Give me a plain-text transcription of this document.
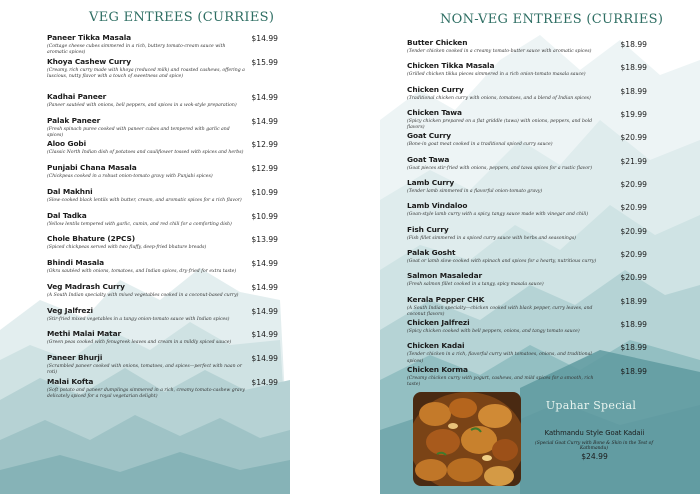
VEG ENTREES (CURRIES)
Paneer Tikka Masala	$14.99
(Cottage cheese cubes simmered in a rich, buttery tomato-cream sauce with aromatic spices)
Khoya Cashew Curry	$15.99
(Creamy, rich curry made with khoya (reduced milk) and roasted cashews, offering a luscious, nutty flavor with a touch of sweetness and spice)
Kadhai Paneer	$14.99
(Paneer sautéed with onions, bell peppers, and spices in a wok-style preparation)
Palak Paneer	$14.99
(Fresh spinach puree cooked with paneer cubes and tempered with garlic and spices)
Aloo Gobi	$12.99
(Classic North Indian dish of potatoes and cauliflower tossed with spices and herbs)
Punjabi Chana Masala	$12.99
(Chickpeas cooked in a robust onion-tomato gravy with Punjabi spices)
Dal Makhni	$10.99
(Slow-cooked black lentils with butter, cream, and aromatic spices for a rich flavor)
Dal Tadka	$10.99
(Yellow lentils tempered with garlic, cumin, and red chili for a comforting dish)
Chole Bhature (2PCS)	$13.99
(Spiced chickpeas served with two fluffy, deep-fried bhature breads)
Bhindi Masala	$14.99
(Okra sautéed with onions, tomatoes, and Indian spices, dry-fried for extra taste)
Veg Madrash Curry	$14.99
(A South Indian specialty with mixed vegetables cooked in a coconut-based curry)
Veg Jalfrezi	$14.99
(Stir-fried mixed vegetables in a tangy onion-tomato sauce with Indian spices)
Methi Malai Matar	$14.99
(Green peas cooked with fenugreek leaves and cream in a mildly spiced sauce)
Paneer Bhurji	$14.99
(Scrambled paneer cooked with onions, tomatoes, and spices—perfect with naan or roti)
Malai Kofta	$14.99
(Soft potato and paneer dumplings simmered in a rich, creamy tomato-cashew gravy delicately spiced for a royal vegetarian delight)
NON-VEG ENTREES (CURRIES)
Butter Chicken	$18.99
(Tender chicken cooked in a creamy tomato-butter sauce with aromatic spices)
Chicken Tikka Masala	$18.99
(Grilled chicken tikka pieces simmered in a rich onion-tomato masala sauce)
Chicken Curry	$18.99
(Traditional chicken curry with onions, tomatoes, and a blend of Indian spices)
Chicken Tawa	$19.99
(Spicy chicken prepared on a flat griddle (tawa) with onions, peppers, and bold flavors)
Goat Curry	$20.99
(Bone-in goat meat cooked in a traditional spiced curry sauce)
Goat Tawa	$21.99
(Goat pieces stir-fried with onions, peppers, and tawa spices for a rustic flavor)
Lamb Curry	$20.99
(Tender lamb simmered in a flavorful onion-tomato gravy)
Lamb Vindaloo	$20.99
(Goan-style lamb curry with a spicy, tangy sauce made with vinegar and chili)
Fish Curry	$20.99
(Fish fillet simmered in a spiced curry sauce with herbs and seasonings)
Palak Gosht	$20.99
(Goat or lamb slow-cooked with spinach and spices for a hearty, nutritious curry)
Salmon Masaledar	$20.99
(Fresh salmon fillet cooked in a tangy, spicy masala sauce)
Kerala Pepper CHK	$18.99
(A South Indian specialty—chicken cooked with black pepper, curry leaves, and coconut flavors)
Chicken Jalfrezi	$18.99
(Spicy chicken cooked with bell peppers, onions, and tangy tomato sauce)
Chicken Kadai	$18.99
(Tender chicken in a rich, flavorful curry with tomatoes, onions, and traditional spices)
Chicken Korma	$18.99
(Creamy chicken curry with yogurt, cashews, and mild spices for a smooth, rich taste)
Upahar Special
Kathmandu Style Goat Kadaii
(Special Goat Curry with Bone & Skin in the Test of Kathmandu)
$24.99
